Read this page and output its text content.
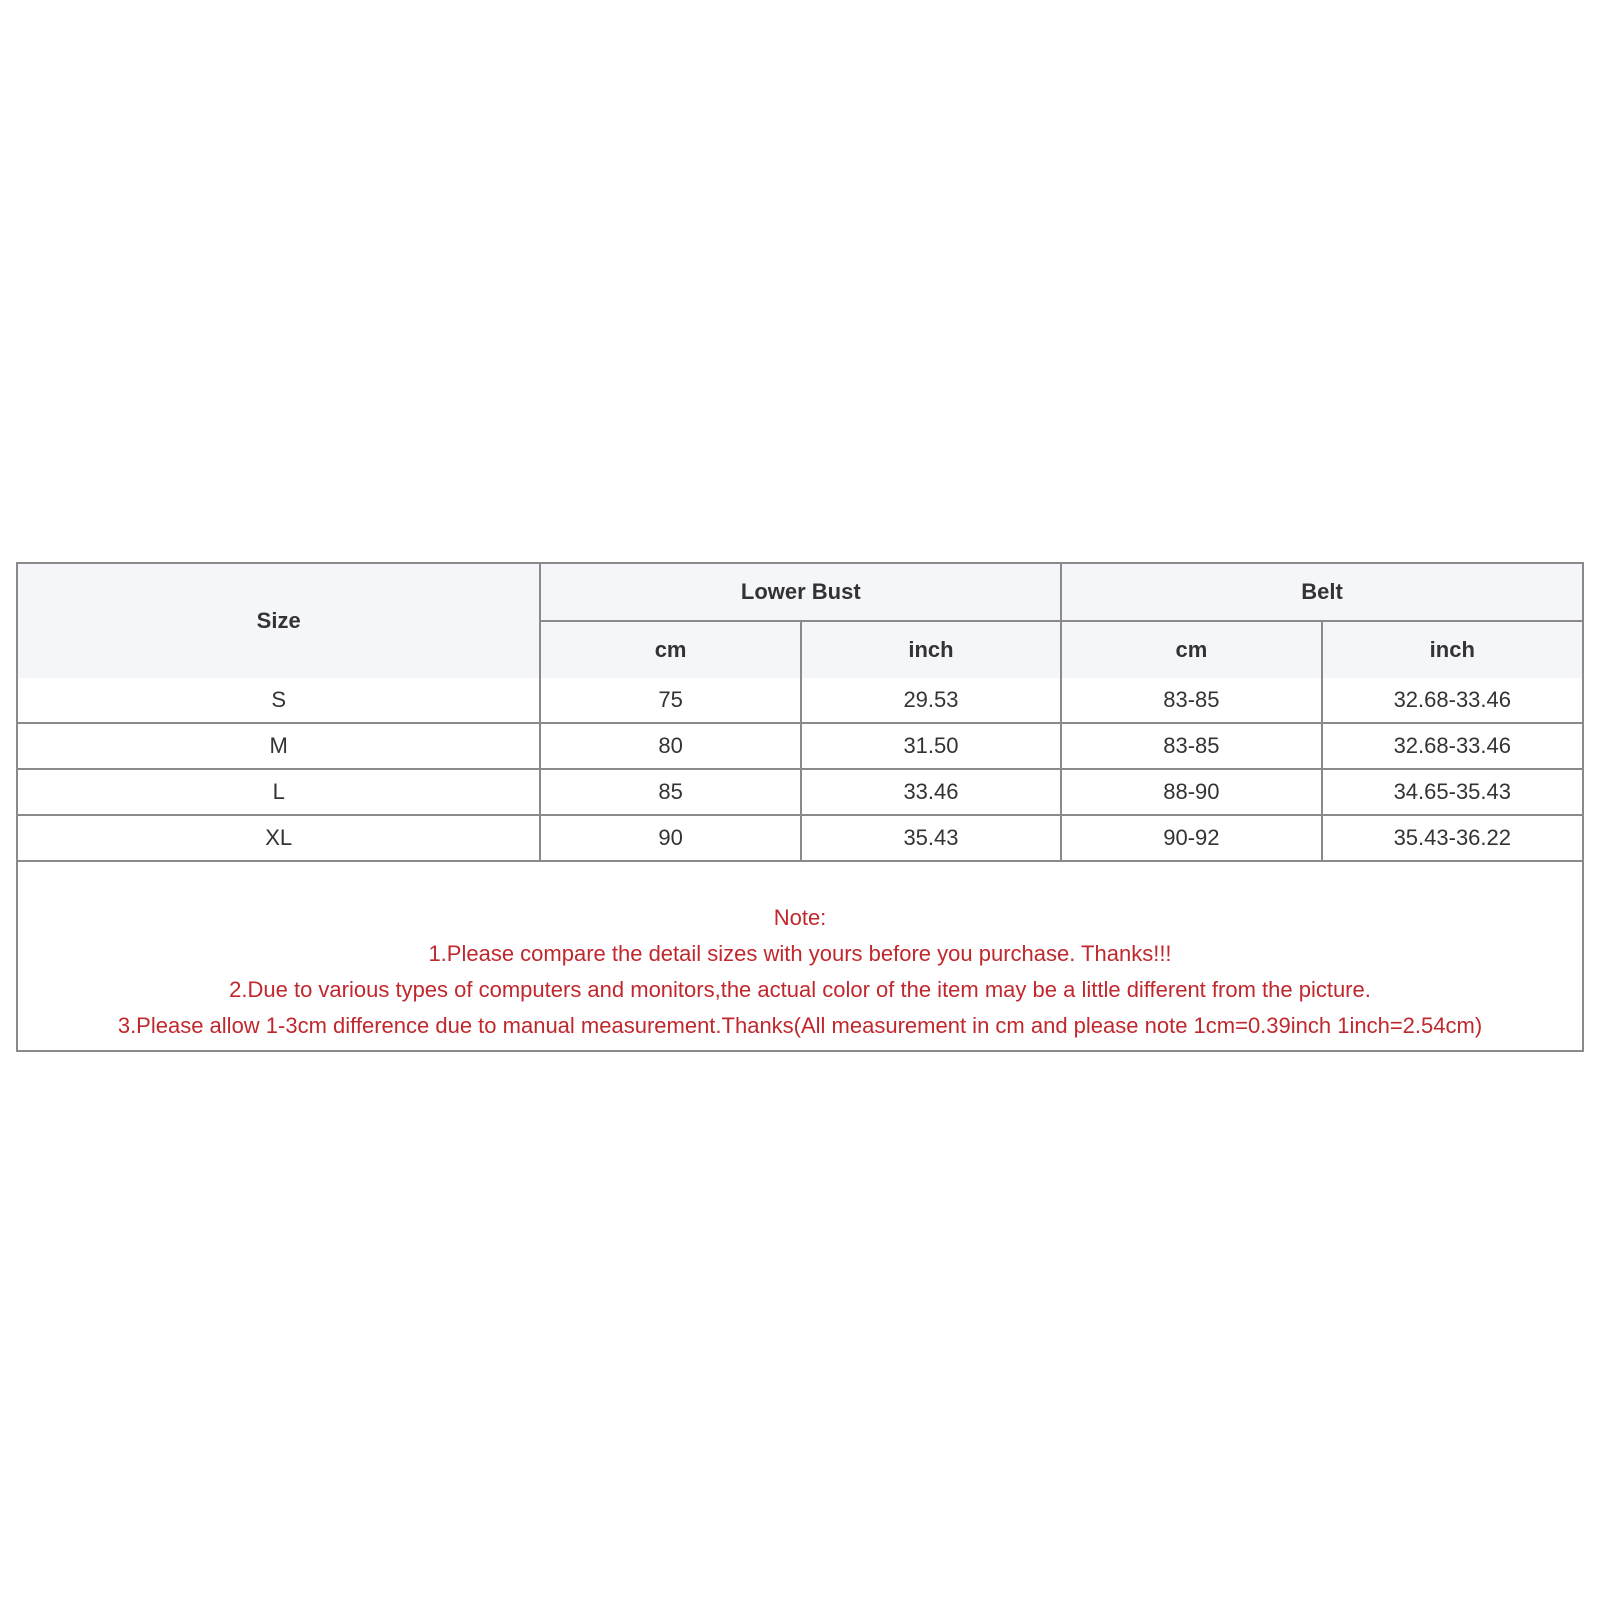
Size	Lower Bust		Belt	
	cm	inch	cm	inch
S	75	29.53	83-85	32.68-33.46
M	80	31.50	83-85	32.68-33.46
L	85	33.46	88-90	34.65-35.43
XL	90	35.43	90-92	35.43-36.22
Note:
1.Please compare the detail sizes with yours before you purchase. Thanks!!!
2.Due to various types of computers and monitors,the actual color of the item may be a little different from the picture.
3.Please allow 1-3cm difference due to manual measurement.Thanks(All measurement in cm and please note 1cm=0.39inch 1inch=2.54cm)
